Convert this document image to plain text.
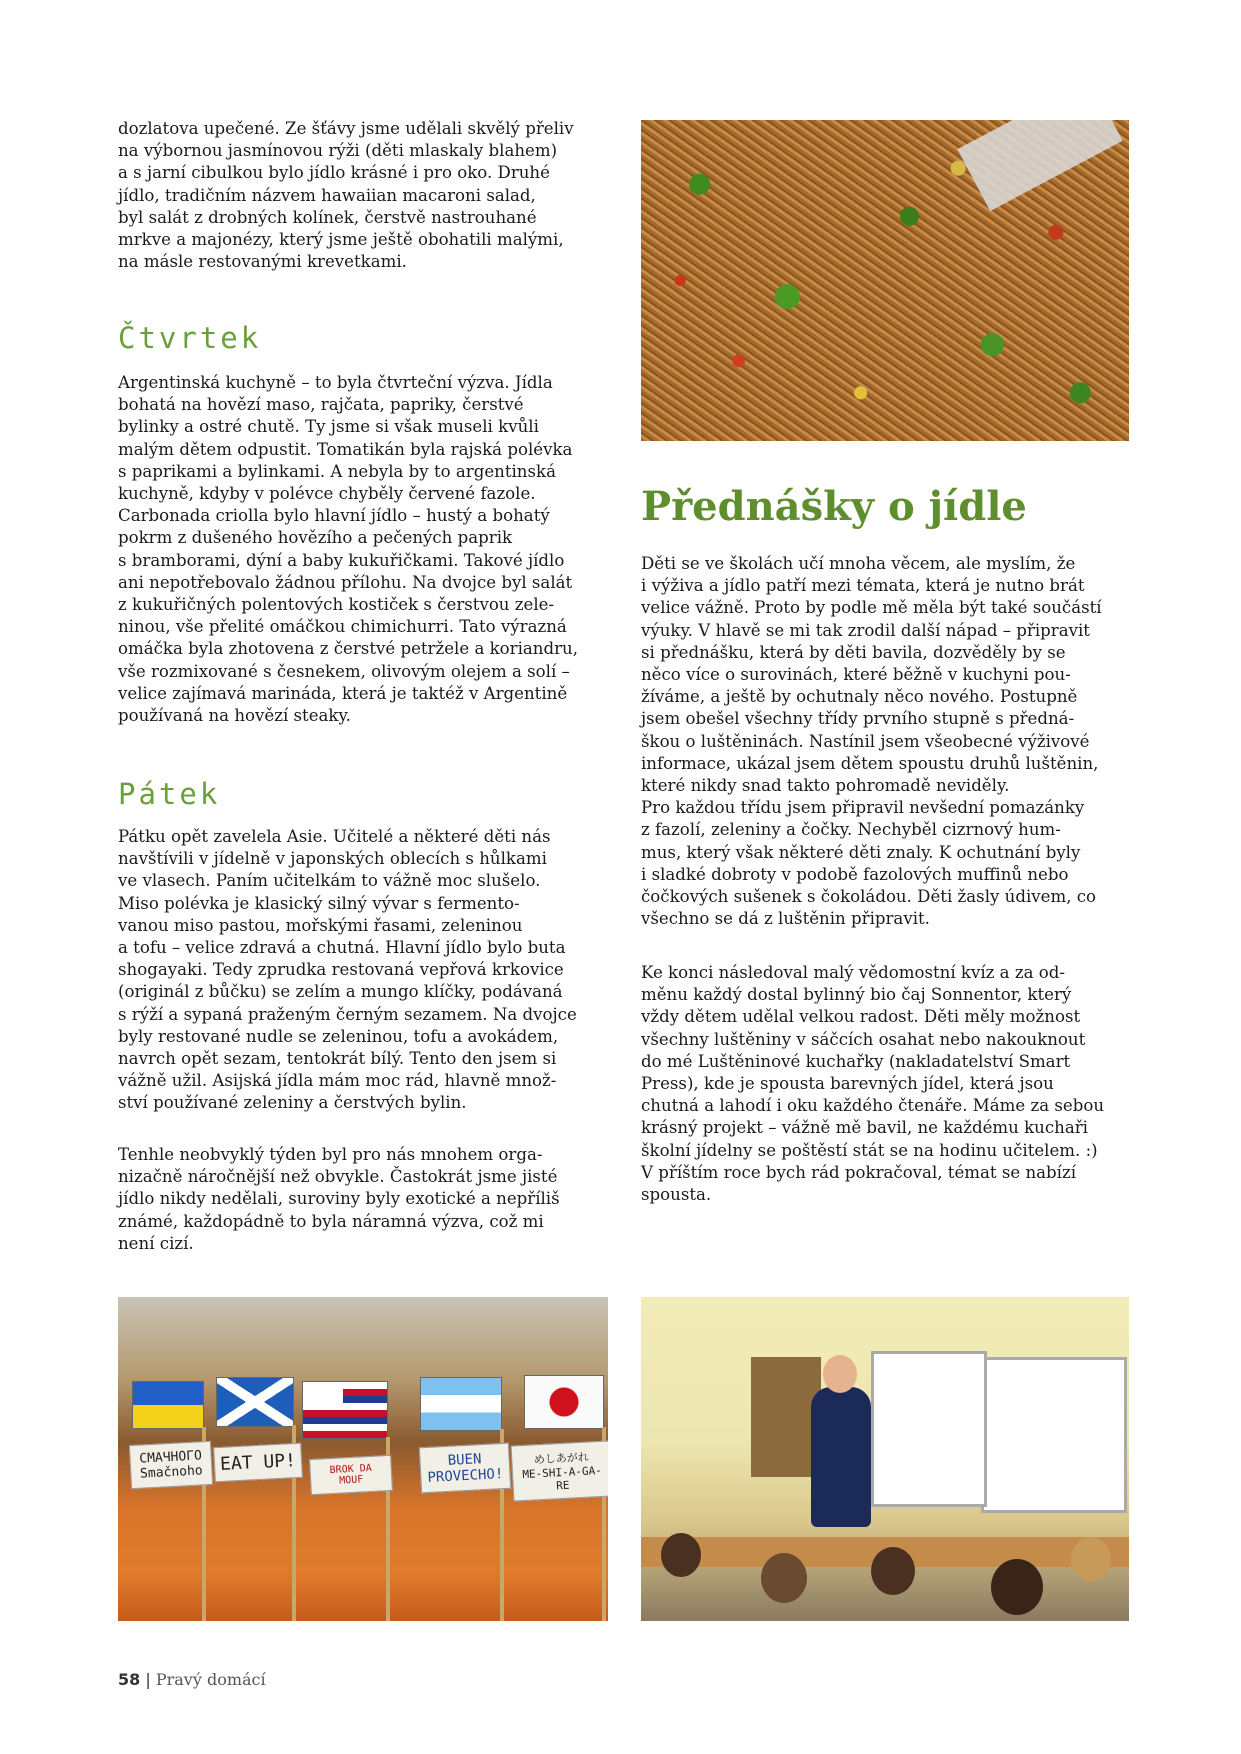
dozlatova upečené. Ze šťávy jsme udělali skvělý přeliv
na výbornou jasmínovou rýži (děti mlaskaly blahem)
a s jarní cibulkou bylo jídlo krásné i pro oko. Druhé
jídlo, tradičním názvem hawaiian macaroni salad,
byl salát z drobných kolínek, čerstvě nastrouhané
mrkve a majonézy, který jsme ještě obohatili malými,
na másle restovanými krevetkami.

Čtvrtek

Argentinská kuchyně – to byla čtvrteční výzva. Jídla
bohatá na hovězí maso, rajčata, papriky, čerstvé
bylinky a ostré chutě. Ty jsme si však museli kvůli
malým dětem odpustit. Tomatikán byla rajská polévka
s paprikami a bylinkami. A nebyla by to argentinská
kuchyně, kdyby v polévce chyběly červené fazole.
Carbonada criolla bylo hlavní jídlo – hustý a bohatý
pokrm z dušeného hovězího a pečených paprik
s bramborami, dýní a baby kukuřičkami. Takové jídlo
ani nepotřebovalo žádnou přílohu. Na dvojce byl salát
z kukuřičných polentových kostiček s čerstvou zele-
ninou, vše přelité omáčkou chimichurri. Tato výrazná
omáčka byla zhotovena z čerstvé petržele a koriandru,
vše rozmixované s česnekem, olivovým olejem a solí –
velice zajímavá marináda, která je taktéž v Argentině
používaná na hovězí steaky.

Pátek

Pátku opět zavelela Asie. Učitelé a některé děti nás
navštívili v jídelně v japonských oblecích s hůlkami
ve vlasech. Paním učitelkám to vážně moc slušelo.
Miso polévka je klasický silný vývar s fermento-
vanou miso pastou, mořskými řasami, zeleninou
a tofu – velice zdravá a chutná. Hlavní jídlo bylo buta
shogayaki. Tedy zprudka restovaná vepřová krkovice
(originál z bůčku) se zelím a mungo klíčky, podávaná
s rýží a sypaná praženým černým sezamem. Na dvojce
byly restované nudle se zeleninou, tofu a avokádem,
navrch opět sezam, tentokrát bílý. Tento den jsem si
vážně užil. Asijská jídla mám moc rád, hlavně množ-
ství používané zeleniny a čerstvých bylin.

Tenhle neobvyklý týden byl pro nás mnohem orga-
nizačně náročnější než obvykle. Častokrát jsme jisté
jídlo nikdy nedělali, suroviny byly exotické a nepříliš
známé, každopádně to byla náramná výzva, což mi
není cizí.

Přednášky o jídle

Děti se ve školách učí mnoha věcem, ale myslím, že
i výživa a jídlo patří mezi témata, která je nutno brát
velice vážně. Proto by podle mě měla být také součástí
výuky. V hlavě se mi tak zrodil další nápad – připravit
si přednášku, která by děti bavila, dozvěděly by se
něco více o surovinách, které běžně v kuchyni pou-
žíváme, a ještě by ochutnaly něco nového. Postupně
jsem obešel všechny třídy prvního stupně s předná-
škou o luštěninách. Nastínil jsem všeobecné výživové
informace, ukázal jsem dětem spoustu druhů luštěnin,
které nikdy snad takto pohromadě neviděly.
Pro každou třídu jsem připravil nevšední pomazánky
z fazolí, zeleniny a čočky. Nechyběl cizrnový hum-
mus, který však některé děti znaly. K ochutnání byly
i sladké dobroty v podobě fazolových muffinů nebo
čočkových sušenek s čokoládou. Děti žasly údivem, co
všechno se dá z luštěnin připravit.

Ke konci následoval malý vědomostní kvíz a za od-
měnu každý dostal bylinný bio čaj Sonnentor, který
vždy dětem udělal velkou radost. Děti měly možnost
všechny luštěniny v sáčcích osahat nebo nakouknout
do mé Luštěninové kuchařky (nakladatelství Smart
Press), kde je spousta barevných jídel, která jsou
chutná a lahodí i oku každého čtenáře. Máme za sebou
krásný projekt – vážně mě bavil, ne každému kuchaři
školní jídelny se poštěstí stát se na hodinu učitelem. :)
V příštím roce bych rád pokračoval, témat se nabízí
spousta.

СМАЧНОГО
Smačnoho EAT UP!	BROK DA
MOUF
BUEN
PROVECHO!
めしあがれ
ME-SHI-A-GA-RE
58 | Pravý domácí
